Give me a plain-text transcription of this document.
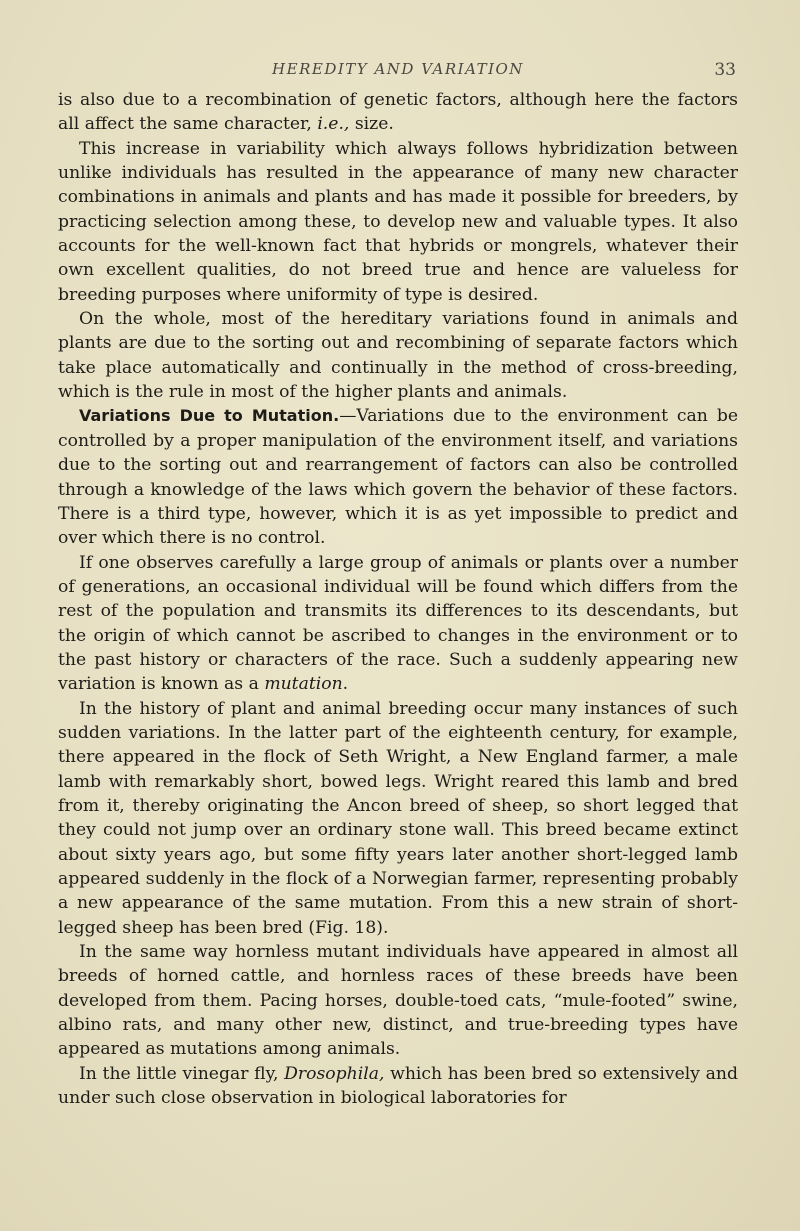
HEREDITY AND VARIATION	33

is also due to a recombination of genetic factors, although here the factors all affect the same character, i.e., size.

This increase in variability which always follows hybridization between unlike individuals has resulted in the appearance of many new character combinations in animals and plants and has made it possible for breeders, by practicing selection among these, to develop new and valuable types. It also accounts for the well-known fact that hybrids or mongrels, whatever their own excellent qualities, do not breed true and hence are valueless for breeding purposes where uniformity of type is desired.

On the whole, most of the hereditary variations found in animals and plants are due to the sorting out and recombining of separate factors which take place automatically and continually in the method of cross-breeding, which is the rule in most of the higher plants and animals.

Variations Due to Mutation.—Variations due to the environment can be controlled by a proper manipulation of the environment itself, and variations due to the sorting out and rearrangement of factors can also be controlled through a knowledge of the laws which govern the behavior of these factors. There is a third type, however, which it is as yet impossible to predict and over which there is no control.

If one observes carefully a large group of animals or plants over a number of generations, an occasional individual will be found which differs from the rest of the population and transmits its differences to its descendants, but the origin of which cannot be ascribed to changes in the environment or to the past history or characters of the race. Such a suddenly appearing new variation is known as a mutation.

In the history of plant and animal breeding occur many instances of such sudden variations. In the latter part of the eighteenth century, for example, there appeared in the flock of Seth Wright, a New England farmer, a male lamb with remarkably short, bowed legs. Wright reared this lamb and bred from it, thereby originating the Ancon breed of sheep, so short legged that they could not jump over an ordinary stone wall. This breed became extinct about sixty years ago, but some fifty years later another short-legged lamb appeared suddenly in the flock of a Norwegian farmer, representing probably a new appearance of the same mutation. From this a new strain of short-legged sheep has been bred (Fig. 18).

In the same way hornless mutant individuals have appeared in almost all breeds of horned cattle, and hornless races of these breeds have been developed from them. Pacing horses, double-toed cats, “mule-footed” swine, albino rats, and many other new, distinct, and true-breeding types have appeared as mutations among animals.

In the little vinegar fly, Drosophila, which has been bred so extensively and under such close observation in biological laboratories for
